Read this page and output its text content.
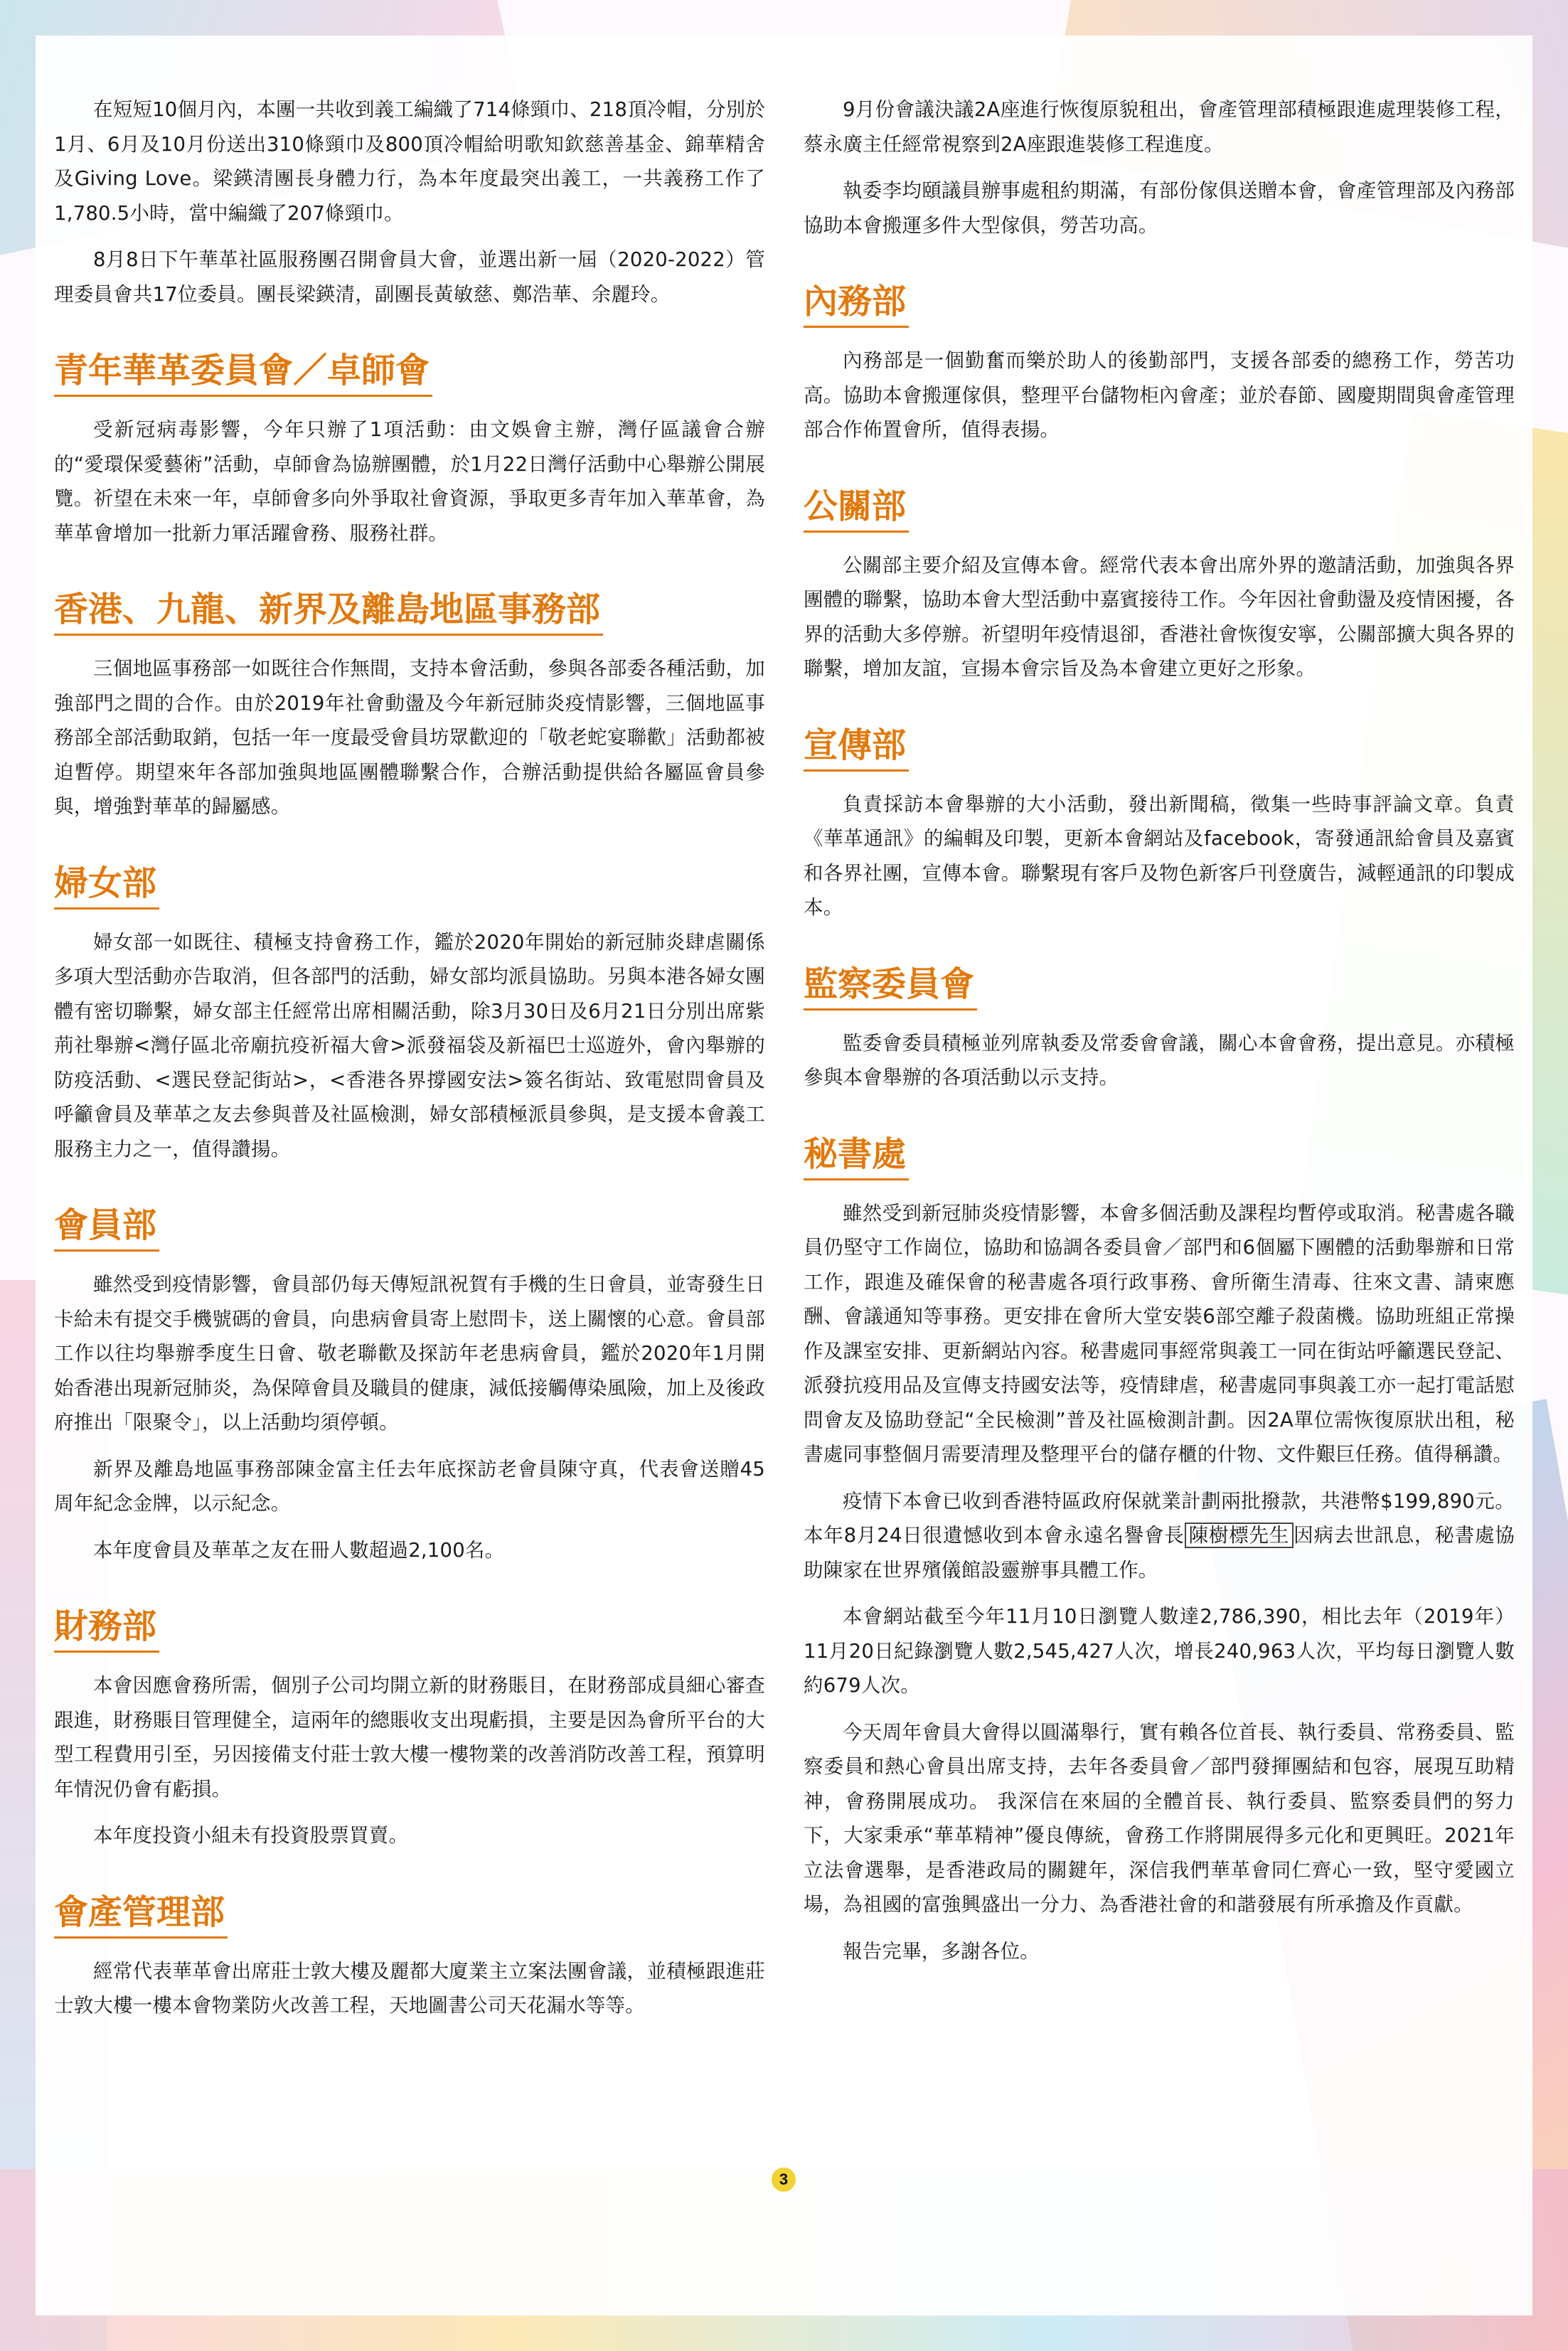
在短短10個月內，本團一共收到義工編織了714條頸巾、218頂冷帽，分別於1月、6月及10月份送出310條頸巾及800頂冷帽給明歌知欽慈善基金、錦華精舍及Giving Love。梁鍈清團長身體力行，為本年度最突出義工，一共義務工作了1,780.5小時，當中編織了207條頸巾。

8月8日下午華革社區服務團召開會員大會，並選出新一屆（2020-2022）管理委員會共17位委員。團長梁鍈清，副團長黃敏慈、鄭浩華、余麗玲。

青年華革委員會／卓師會

受新冠病毒影響，今年只辦了1項活動：由文娛會主辦，灣仔區議會合辦的“愛環保愛藝術”活動，卓師會為協辦團體，於1月22日灣仔活動中心舉辦公開展覽。祈望在未來一年，卓師會多向外爭取社會資源，爭取更多青年加入華革會，為華革會增加一批新力軍活躍會務、服務社群。

香港、九龍、新界及離島地區事務部

三個地區事務部一如既往合作無間，支持本會活動，參與各部委各種活動，加強部門之間的合作。由於2019年社會動盪及今年新冠肺炎疫情影響，三個地區事務部全部活動取銷，包括一年一度最受會員坊眾歡迎的「敬老蛇宴聯歡」活動都被迫暫停。期望來年各部加強與地區團體聯繫合作，合辦活動提供給各屬區會員參與，增強對華革的歸屬感。

婦女部

婦女部一如既往、積極支持會務工作，鑑於2020年開始的新冠肺炎肆虐關係多項大型活動亦告取消，但各部門的活動，婦女部均派員協助。另與本港各婦女團體有密切聯繫，婦女部主任經常出席相關活動，除3月30日及6月21日分別出席紫荊社舉辦<灣仔區北帝廟抗疫祈福大會>派發福袋及新福巴士巡遊外，會內舉辦的防疫活動、<選民登記街站>，<香港各界撐國安法>簽名街站、致電慰問會員及呼籲會員及華革之友去參與普及社區檢測，婦女部積極派員參與，是支援本會義工服務主力之一，值得讚揚。

會員部

雖然受到疫情影響，會員部仍每天傳短訊祝賀有手機的生日會員，並寄發生日卡給未有提交手機號碼的會員，向患病會員寄上慰問卡，送上關懷的心意。會員部工作以往均舉辦季度生日會、敬老聯歡及探訪年老患病會員，鑑於2020年1月開始香港出現新冠肺炎，為保障會員及職員的健康，減低接觸傳染風險，加上及後政府推出「限聚令」，以上活動均須停頓。

新界及離島地區事務部陳金富主任去年底探訪老會員陳守真，代表會送贈45周年紀念金牌，以示紀念。

本年度會員及華革之友在冊人數超過2,100名。

財務部

本會因應會務所需，個別子公司均開立新的財務賬目，在財務部成員細心審查跟進，財務賬目管理健全，這兩年的總賬收支出現虧損，主要是因為會所平台的大型工程費用引至，另因接備支付莊士敦大樓一樓物業的改善消防改善工程，預算明年情況仍會有虧損。

本年度投資小組未有投資股票買賣。

會產管理部

經常代表華革會出席莊士敦大樓及麗都大廈業主立案法團會議，並積極跟進莊士敦大樓一樓本會物業防火改善工程，天地圖書公司天花漏水等等。

9月份會議決議2A座進行恢復原貌租出，會產管理部積極跟進處理裝修工程，蔡永廣主任經常視察到2A座跟進裝修工程進度。

執委李均頤議員辦事處租約期滿，有部份傢俱送贈本會，會產管理部及內務部協助本會搬運多件大型傢俱，勞苦功高。

內務部

內務部是一個勤奮而樂於助人的後勤部門，支援各部委的總務工作，勞苦功高。協助本會搬運傢俱，整理平台儲物柜內會產；並於春節、國慶期間與會產管理部合作佈置會所，值得表揚。

公關部

公關部主要介紹及宣傳本會。經常代表本會出席外界的邀請活動，加強與各界團體的聯繫，協助本會大型活動中嘉賓接待工作。今年因社會動盪及疫情困擾，各界的活動大多停辦。祈望明年疫情退卻，香港社會恢復安寧，公關部擴大與各界的聯繫，增加友誼，宣揚本會宗旨及為本會建立更好之形象。

宣傳部

負責採訪本會舉辦的大小活動，發出新聞稿，徵集一些時事評論文章。負責《華革通訊》的編輯及印製，更新本會網站及facebook，寄發通訊給會員及嘉賓和各界社團，宣傳本會。聯繫現有客戶及物色新客戶刊登廣告，減輕通訊的印製成本。

監察委員會

監委會委員積極並列席執委及常委會會議，關心本會會務，提出意見。亦積極參與本會舉辦的各項活動以示支持。

秘書處

雖然受到新冠肺炎疫情影響，本會多個活動及課程均暫停或取消。秘書處各職員仍堅守工作崗位，協助和協調各委員會／部門和6個屬下團體的活動舉辦和日常工作，跟進及確保會的秘書處各項行政事務、會所衛生清毒、往來文書、請柬應酬、會議通知等事務。更安排在會所大堂安裝6部空離子殺菌機。協助班組正常操作及課室安排、更新網站內容。秘書處同事經常與義工一同在街站呼籲選民登記、派發抗疫用品及宣傳支持國安法等，疫情肆虐，秘書處同事與義工亦一起打電話慰問會友及協助登記“全民檢測”普及社區檢測計劃。因2A單位需恢復原狀出租，秘書處同事整個月需要清理及整理平台的儲存櫃的什物、文件艱巨任務。值得稱讚。

疫情下本會已收到香港特區政府保就業計劃兩批撥款，共港幣$199,890元。本年8月24日很遺憾收到本會永遠名譽會長 陳樹標先生 因病去世訊息，秘書處協助陳家在世界殯儀館設靈辦事具體工作。

本會網站截至今年11月10日瀏覽人數達2,786,390，相比去年（2019年）11月20日紀錄瀏覽人數2,545,427人次，增長240,963人次，平均每日瀏覽人數約679人次。

今天周年會員大會得以圓滿舉行，實有賴各位首長、執行委員、常務委員、監察委員和熱心會員出席支持，去年各委員會／部門發揮團結和包容，展現互助精神，會務開展成功。 我深信在來屆的全體首長、執行委員、監察委員們的努力下，大家秉承“華革精神”優良傳統，會務工作將開展得多元化和更興旺。2021年立法會選舉，是香港政局的關鍵年，深信我們華革會同仁齊心一致，堅守愛國立場，為祖國的富強興盛出一分力、為香港社會的和諧發展有所承擔及作貢獻。

報告完畢，多謝各位。

3
